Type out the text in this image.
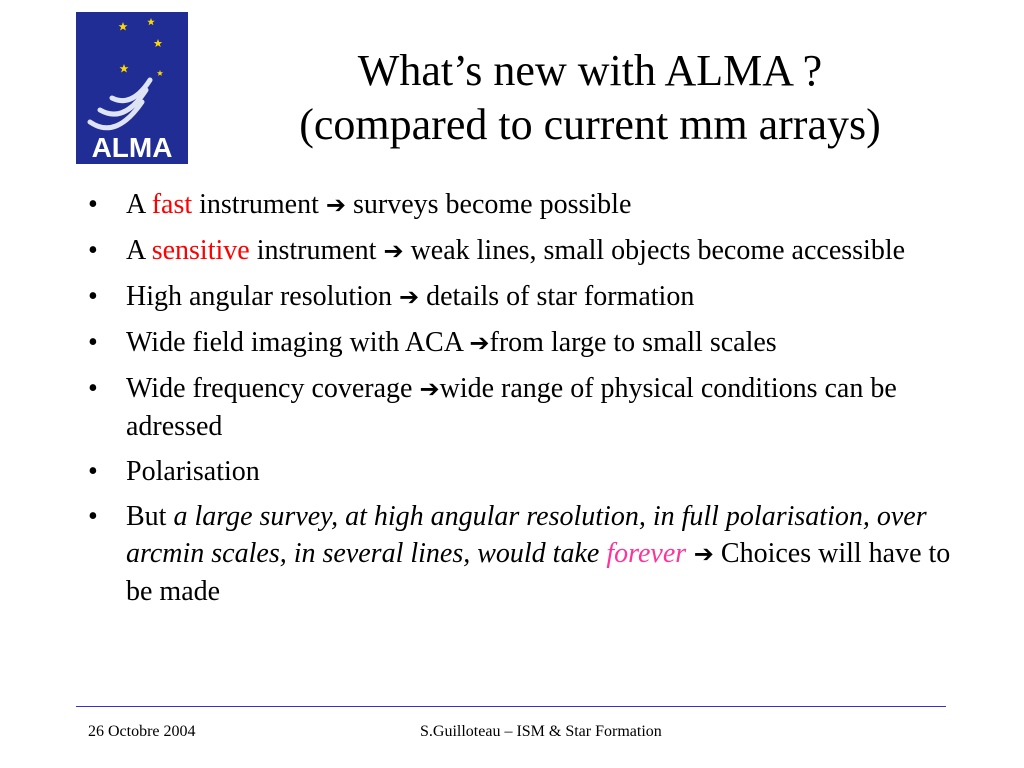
ALMA
What’s new with ALMA ?
(compared to current mm arrays)
• A fast instrument ➔ surveys become possible
• A sensitive instrument ➔ weak lines, small objects become accessible
• High angular resolution ➔ details of star formation
• Wide field imaging with ACA ➔from large to small scales
• Wide frequency coverage ➔wide range of physical conditions can be adressed
• Polarisation
• But a large survey, at high angular resolution, in full polarisation, over arcmin scales, in several lines, would take forever ➔ Choices will have to be made
26 Octobre 2004	S.Guilloteau – ISM & Star Formation
